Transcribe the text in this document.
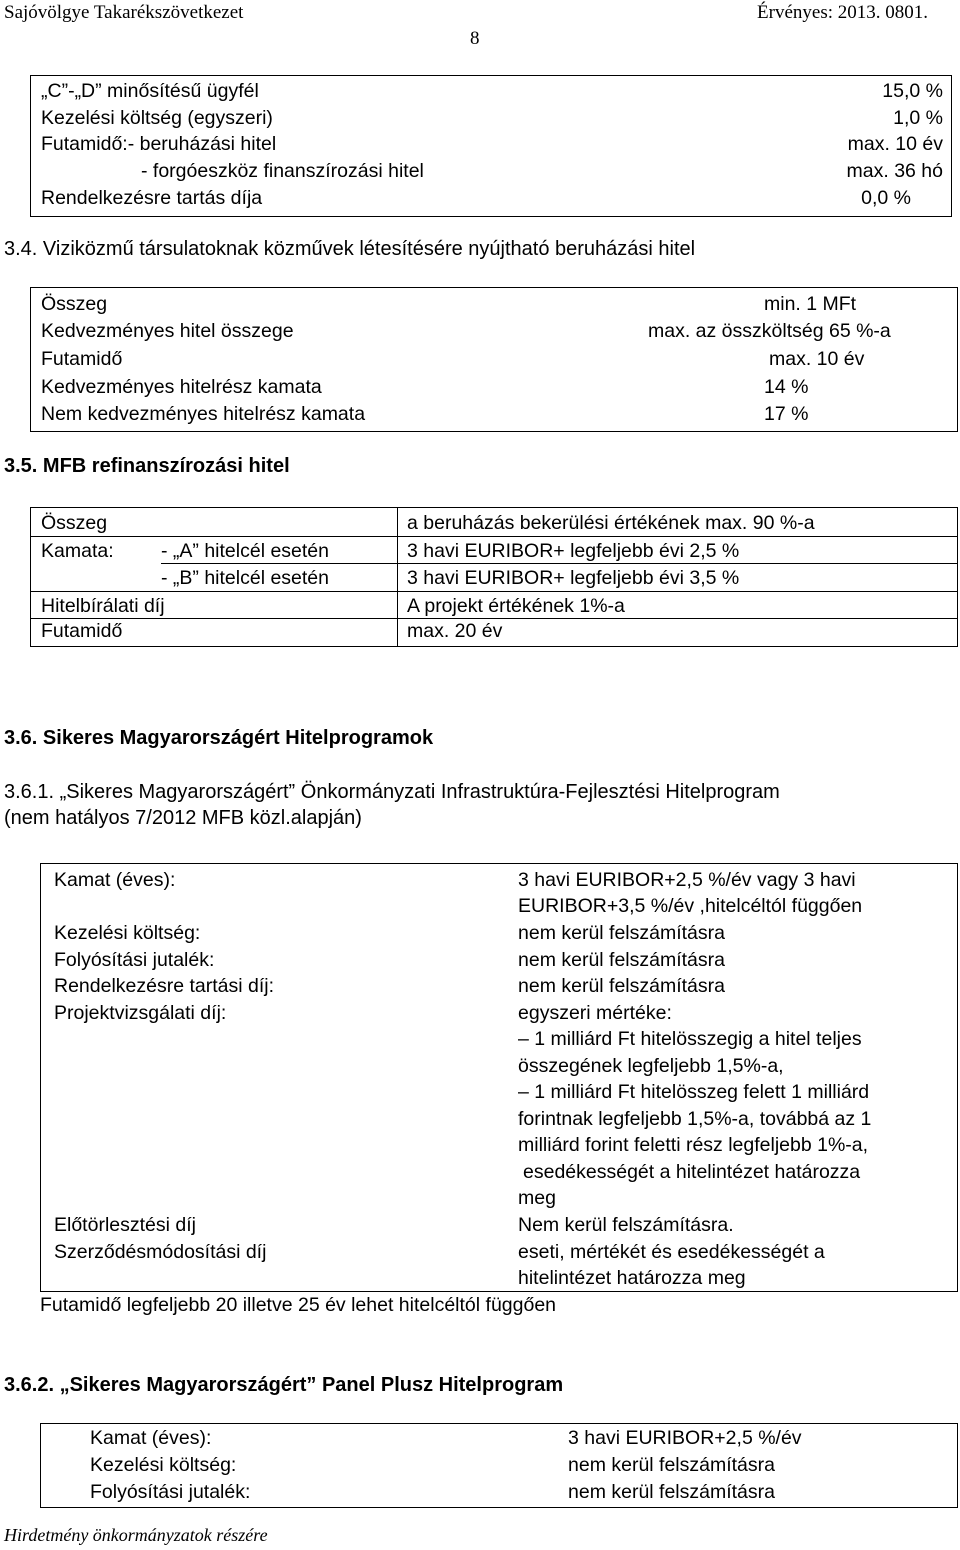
Sajóvölgye Takarékszövetkezet
8
Érvényes: 2013. 0801.
„C”-„D” minősítésű ügyfél	15,0 %
Kezelési költség (egyszeri)	1,0 %
Futamidő:- beruházási hitel	max. 10 év
- forgóeszköz finanszírozási hitel	max. 36 hó
Rendelkezésre tartás díja	0,0 %
3.4. Viziközmű társulatoknak közművek létesítésére nyújtható beruházási hitel
Összeg	min. 1 MFt
Kedvezményes hitel összege	max. az összköltség 65 %-a
Futamidő	max. 10 év
Kedvezményes hitelrész kamata	14 %
Nem kedvezményes hitelrész kamata	17 %
3.5. MFB refinanszírozási hitel
Összeg	a beruházás bekerülési értékének max. 90 %-a
Kamata: - „A” hitelcél esetén	3 havi EURIBOR+ legfeljebb évi 2,5 %
- „B” hitelcél esetén	3 havi EURIBOR+ legfeljebb évi 3,5 %
Hitelbírálati díj	A projekt értékének 1%-a
Futamidő	max. 20 év
3.6. Sikeres Magyarországért Hitelprogramok
3.6.1. „Sikeres Magyarországért” Önkormányzati Infrastruktúra-Fejlesztési Hitelprogram
(nem hatályos 7/2012 MFB közl.alapján)
Kamat (éves):	3 havi EURIBOR+2,5 %/év vagy 3 havi
EURIBOR+3,5 %/év ,hitelcéltól függően
Kezelési költség:	nem kerül felszámításra
Folyósítási jutalék:	nem kerül felszámításra
Rendelkezésre tartási díj:	nem kerül felszámításra
Projektvizsgálati díj:	egyszeri mértéke:
– 1 milliárd Ft hitelösszegig a hitel teljes
összegének legfeljebb 1,5%-a,
– 1 milliárd Ft hitelösszeg felett 1 milliárd
forintnak legfeljebb 1,5%-a, továbbá az 1
milliárd forint feletti rész legfeljebb 1%-a,
esedékességét a hitelintézet határozza
meg
Előtörlesztési díj	Nem kerül felszámításra.
Szerződésmódosítási díj	eseti, mértékét és esedékességét a
hitelintézet határozza meg
Futamidő legfeljebb 20 illetve 25 év lehet hitelcéltól függően
3.6.2. „Sikeres Magyarországért” Panel Plusz Hitelprogram
Kamat (éves):	3 havi EURIBOR+2,5 %/év
Kezelési költség:	nem kerül felszámításra
Folyósítási jutalék:	nem kerül felszámításra
Hirdetmény önkormányzatok részére
